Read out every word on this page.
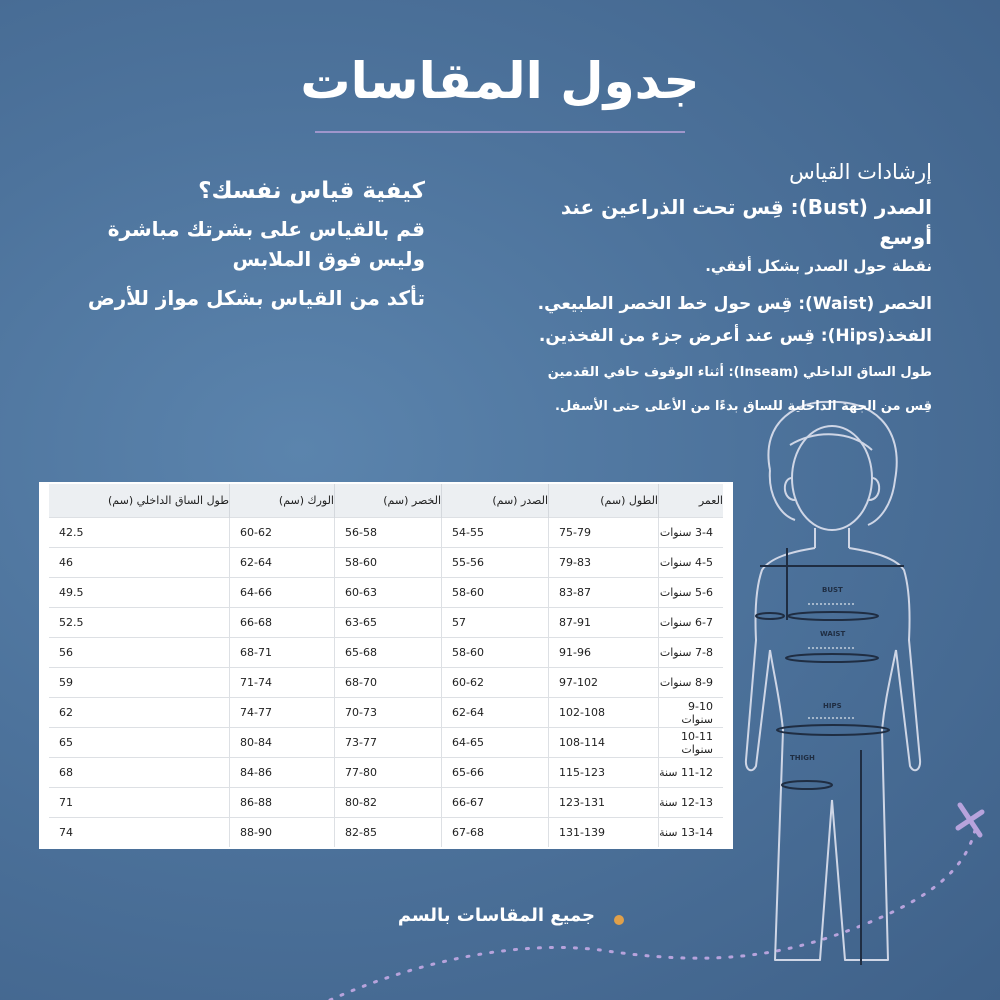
BUST
WAIST
HIPS
THIGH
جدول المقاسات
كيفية قياس نفسك؟

قم بالقياس على بشرتك مباشرة

وليس فوق الملابس

تأكد من القياس بشكل مواز للأرض

إرشادات القياس

الصدر (Bust): قِس تحت الذراعين عند أوسع

نقطة حول الصدر بشكل أفقي.

الخصر (Waist): قِس حول خط الخصر الطبيعي.

الفخذ(Hips): قِس عند أعرض جزء من الفخذين.

طول الساق الداخلي (Inseam): أثناء الوقوف حافي القدمين

قِس من الجهة الداخلية للساق بدءًا من الأعلى حتى الأسفل.

طول الساق الداخلي (سم)	الورك (سم)	الخصر (سم)	الصدر (سم)	الطول (سم)	العمر
42.5	60-62	56-58	54-55	75-79	3-4 سنوات
46	62-64	58-60	55-56	79-83	4-5 سنوات
49.5	64-66	60-63	58-60	83-87	5-6 سنوات
52.5	66-68	63-65	57	87-91	6-7 سنوات
56	68-71	65-68	58-60	91-96	7-8 سنوات
59	71-74	68-70	60-62	97-102	8-9 سنوات
62	74-77	70-73	62-64	102-108	9-10 سنوات
65	80-84	73-77	64-65	108-114	10-11 سنوات
68	84-86	77-80	65-66	115-123	11-12 سنة
71	86-88	80-82	66-67	123-131	12-13 سنة
74	88-90	82-85	67-68	131-139	13-14 سنة
جميع المقاسات بالسم
